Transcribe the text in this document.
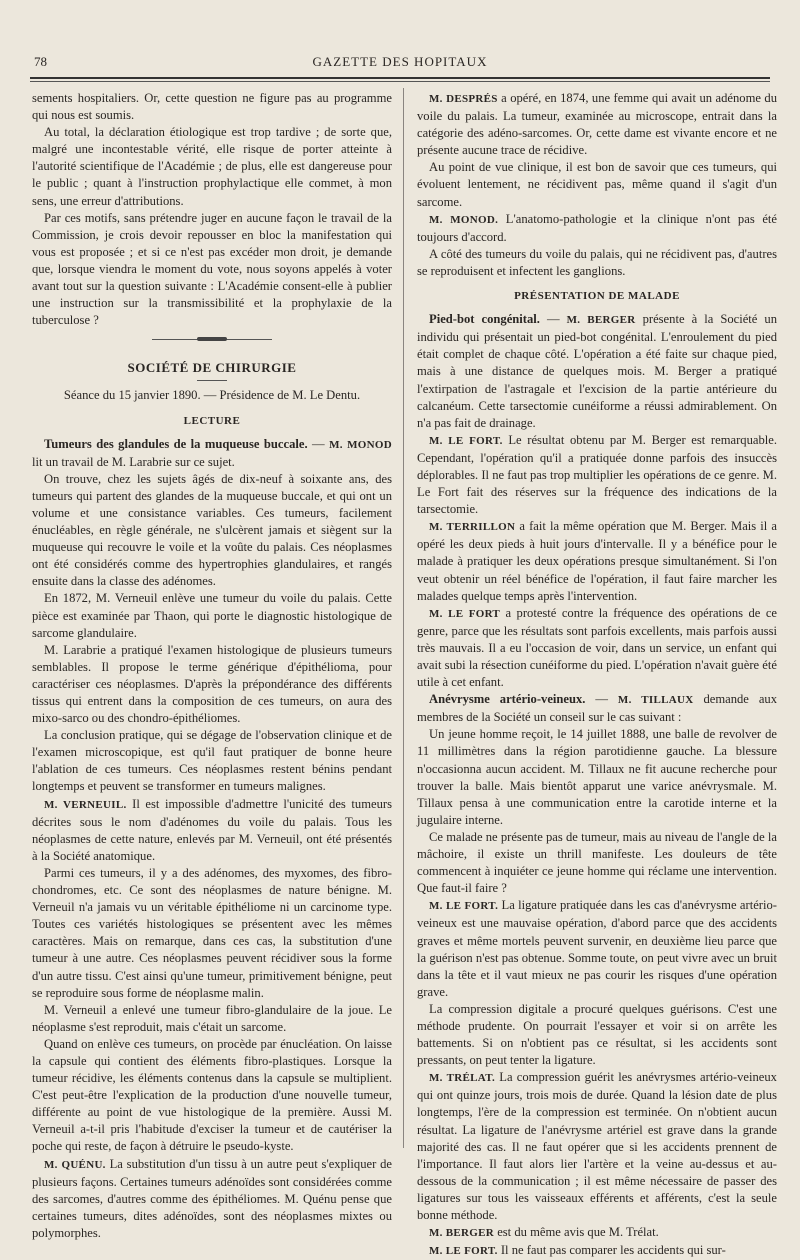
78	GAZETTE DES HOPITAUX

sements hospitaliers. Or, cette question ne figure pas au programme qui nous est soumis.

Au total, la déclaration étiologique est trop tardive ; de sorte que, malgré une incontestable vérité, elle risque de porter atteinte à l'autorité scientifique de l'Académie ; de plus, elle est dangereuse pour le public ; quant à l'instruction prophylactique elle commet, à mon sens, une erreur d'attributions.

Par ces motifs, sans prétendre juger en aucune façon le travail de la Commission, je crois devoir repousser en bloc la manifestation qui vous est proposée ; et si ce n'est pas excéder mon droit, je demande que, lorsque viendra le moment du vote, nous soyons appelés à voter avant tout sur la question suivante : L'Académie consent-elle à publier une instruction sur la transmissibilité et la prophylaxie de la tuberculose ?

SOCIÉTÉ DE CHIRURGIE
Séance du 15 janvier 1890. — Présidence de M. Le Dentu.
LECTURE

Tumeurs des glandules de la muqueuse buccale. — M. MONOD lit un travail de M. Larabrie sur ce sujet.

On trouve, chez les sujets âgés de dix-neuf à soixante ans, des tumeurs qui partent des glandes de la muqueuse buccale, et qui ont un volume et une consistance variables. Ces tumeurs, facilement énucléables, en règle générale, ne s'ulcèrent jamais et siègent sur la muqueuse qui recouvre le voile et la voûte du palais. Ces néoplasmes ont été considérés comme des hypertrophies glandulaires, et rangés ensuite dans la classe des adénomes.

En 1872, M. Verneuil enlève une tumeur du voile du palais. Cette pièce est examinée par Thaon, qui porte le diagnostic histologique de sarcome glandulaire.

M. Larabrie a pratiqué l'examen histologique de plusieurs tumeurs semblables. Il propose le terme générique d'épithélioma, pour caractériser ces néoplasmes. D'après la prépondérance des différents tissus qui entrent dans la composition de ces tumeurs, on aura des mixo-sarco ou des chondro-épithéliomes.

La conclusion pratique, qui se dégage de l'observation clinique et de l'examen microscopique, est qu'il faut pratiquer de bonne heure l'ablation de ces tumeurs. Ces néoplasmes restent bénins pendant longtemps et peuvent se transformer en tumeurs malignes.

M. VERNEUIL. Il est impossible d'admettre l'unicité des tumeurs décrites sous le nom d'adénomes du voile du palais. Tous les néoplasmes de cette nature, enlevés par M. Verneuil, ont été présentés à la Société anatomique.

Parmi ces tumeurs, il y a des adénomes, des myxomes, des fibro-chondromes, etc. Ce sont des néoplasmes de nature bénigne. M. Verneuil n'a jamais vu un véritable épithéliome ni un carcinome type. Toutes ces variétés histologiques se présentent avec les mêmes caractères. Mais on remarque, dans ces cas, la substitution d'une tumeur à une autre. Ces néoplasmes peuvent récidiver sous la forme d'un autre tissu. C'est ainsi qu'une tumeur, primitivement bénigne, peut se reproduire sous forme de néoplasme malin.

M. Verneuil a enlevé une tumeur fibro-glandulaire de la joue. Le néoplasme s'est reproduit, mais c'était un sarcome.

Quand on enlève ces tumeurs, on procède par énucléation. On laisse la capsule qui contient des éléments fibro-plastiques. Lorsque la tumeur récidive, les éléments contenus dans la capsule se multiplient. C'est peut-être l'explication de la production d'une nouvelle tumeur, différente au point de vue histologique de la première. Aussi M. Verneuil a-t-il pris l'habitude d'exciser la tumeur et de cautériser la poche qui reste, de façon à détruire le pseudo-kyste.

M. QUÉNU. La substitution d'un tissu à un autre peut s'expliquer de plusieurs façons. Certaines tumeurs adénoïdes sont considérées comme des sarcomes, d'autres comme des épithéliomes. M. Quénu pense que certaines tumeurs, dites adénoïdes, sont des néoplasmes mixtes ou polymorphes.

M. DESPRÉS a opéré, en 1874, une femme qui avait un adénome du voile du palais. La tumeur, examinée au microscope, entrait dans la catégorie des adéno-sarcomes. Or, cette dame est vivante encore et ne présente aucune trace de récidive.

Au point de vue clinique, il est bon de savoir que ces tumeurs, qui évoluent lentement, ne récidivent pas, même quand il s'agit d'un sarcome.

M. MONOD. L'anatomo-pathologie et la clinique n'ont pas été toujours d'accord.

A côté des tumeurs du voile du palais, qui ne récidivent pas, d'autres se reproduisent et infectent les ganglions.

PRÉSENTATION DE MALADE

Pied-bot congénital. — M. BERGER présente à la Société un individu qui présentait un pied-bot congénital. L'enroulement du pied était complet de chaque côté. L'opération a été faite sur chaque pied, mais à une distance de quelques mois. M. Berger a pratiqué l'extirpation de l'astragale et l'excision de la partie antérieure du calcanéum. Cette tarsectomie cunéiforme a réussi admirablement. On n'a pas fait de drainage.

M. LE FORT. Le résultat obtenu par M. Berger est remarquable. Cependant, l'opération qu'il a pratiquée donne parfois des insuccès déplorables. Il ne faut pas trop multiplier les opérations de ce genre. M. Le Fort fait des réserves sur la fréquence des indications de la tarsectomie.

M. TERRILLON a fait la même opération que M. Berger. Mais il a opéré les deux pieds à huit jours d'intervalle. Il y a bénéfice pour le malade à pratiquer les deux opérations presque simultanément. Si l'on veut obtenir un réel bénéfice de l'opération, il faut faire marcher les malades quelque temps après l'intervention.

M. LE FORT a protesté contre la fréquence des opérations de ce genre, parce que les résultats sont parfois excellents, mais parfois aussi très mauvais. Il a eu l'occasion de voir, dans un service, un enfant qui avait subi la résection cunéiforme du pied. L'opération n'avait guère été utile à cet enfant.

Anévrysme artério-veineux. — M. TILLAUX demande aux membres de la Société un conseil sur le cas suivant :

Un jeune homme reçoit, le 14 juillet 1888, une balle de revolver de 11 millimètres dans la région parotidienne gauche. La blessure n'occasionna aucun accident. M. Tillaux ne fit aucune recherche pour trouver la balle. Mais bientôt apparut une varice anévrysmale. M. Tillaux pensa à une communication entre la carotide interne et la jugulaire interne.

Ce malade ne présente pas de tumeur, mais au niveau de l'angle de la mâchoire, il existe un thrill manifeste. Les douleurs de tête commencent à inquiéter ce jeune homme qui réclame une intervention. Que faut-il faire ?

M. LE FORT. La ligature pratiquée dans les cas d'anévrysme artério-veineux est une mauvaise opération, d'abord parce que des accidents graves et même mortels peuvent survenir, en deuxième lieu parce que la guérison n'est pas obtenue. Somme toute, on peut vivre avec un bruit dans la tête et il vaut mieux ne pas courir les risques d'une opération grave.

La compression digitale a procuré quelques guérisons. C'est une méthode prudente. On pourrait l'essayer et voir si on arrête les battements. Si on n'obtient pas ce résultat, si les accidents sont pressants, on peut tenter la ligature.

M. TRÉLAT. La compression guérit les anévrysmes artério-veineux qui ont quinze jours, trois mois de durée. Quand la lésion date de plus longtemps, l'ère de la compression est terminée. On n'obtient aucun résultat. La ligature de l'anévrysme artériel est grave dans la grande majorité des cas. Il ne faut opérer que si les accidents prennent de l'importance. Il faut alors lier l'artère et la veine au-dessus et au-dessous de la communication ; il est même nécessaire de passer des ligatures sur tous les vaisseaux efférents et afférents, c'est la seule bonne méthode.

M. BERGER est du même avis que M. Trélat.

M. LE FORT. Il ne faut pas comparer les accidents qui sur-
